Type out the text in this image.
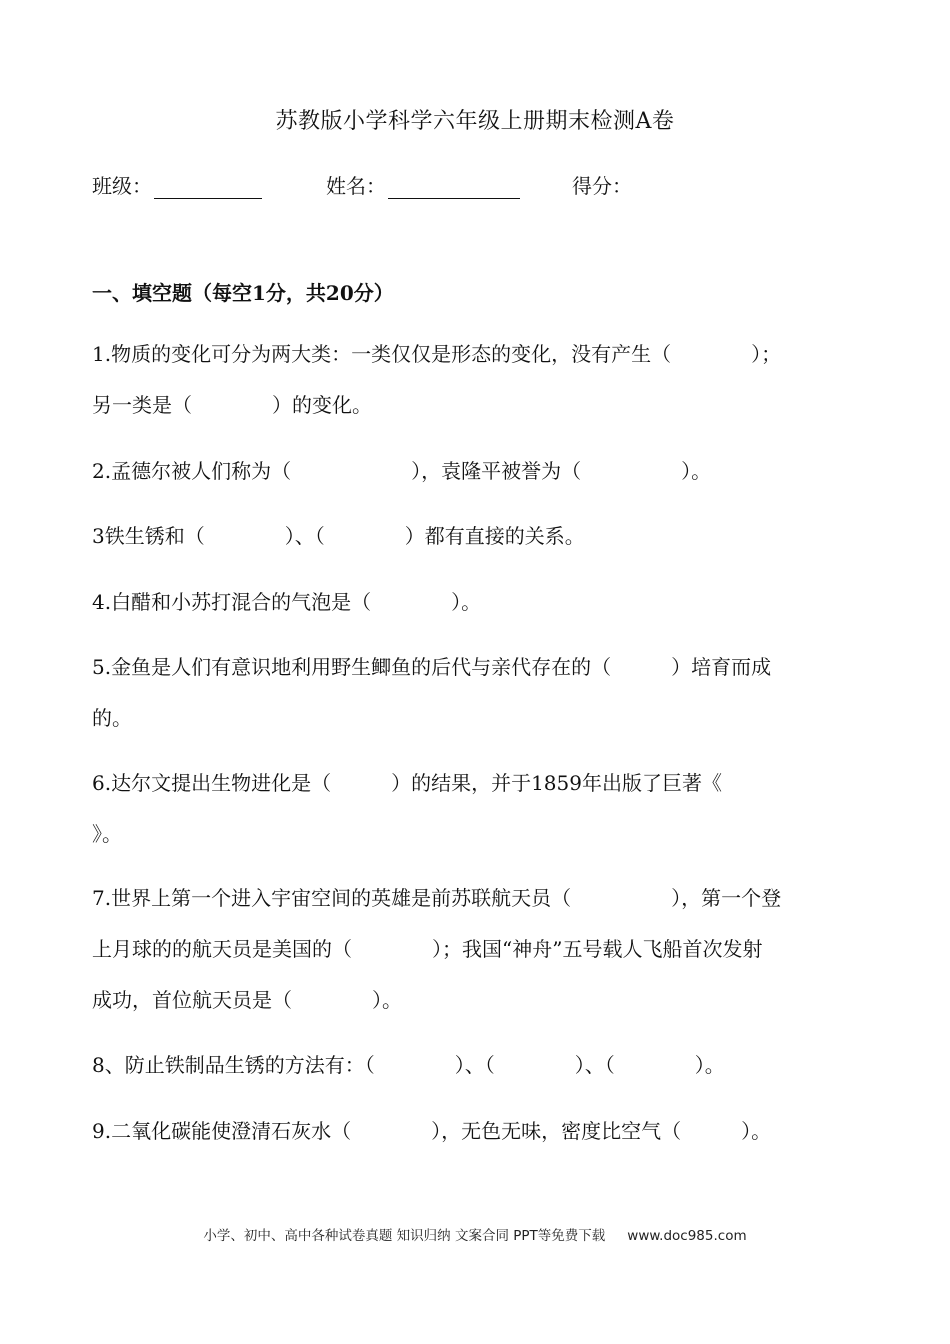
苏教版小学科学六年级上册期末检测A卷
班级：	姓名：	得分：
一、填空题（每空1分，共20分）
1.物质的变化可分为两大类：一类仅仅是形态的变化，没有产生（　　　　）；
另一类是（　　　　）的变化。
2.孟德尔被人们称为（　　　　　　），袁隆平被誉为（　　　　　）。
3铁生锈和（　　　　）、（　　　　）都有直接的关系。
4.白醋和小苏打混合的气泡是（　　　　）。
5.金鱼是人们有意识地利用野生鲫鱼的后代与亲代存在的（　　　）培育而成
的。
6.达尔文提出生物进化是（　　　）的结果，并于1859年出版了巨著《
》。
7.世界上第一个进入宇宙空间的英雄是前苏联航天员（　　　　　），第一个登
上月球的的航天员是美国的（　　　　）；我国“神舟”五号载人飞船首次发射
成功，首位航天员是（　　　　）。
8、防止铁制品生锈的方法有：（　　　　）、（　　　　）、（　　　　）。
9.二氧化碳能使澄清石灰水（　　　　），无色无味，密度比空气（　　　）。
小学、初中、高中各种试卷真题 知识归纳 文案合同 PPT等免费下载 www.doc985.com
